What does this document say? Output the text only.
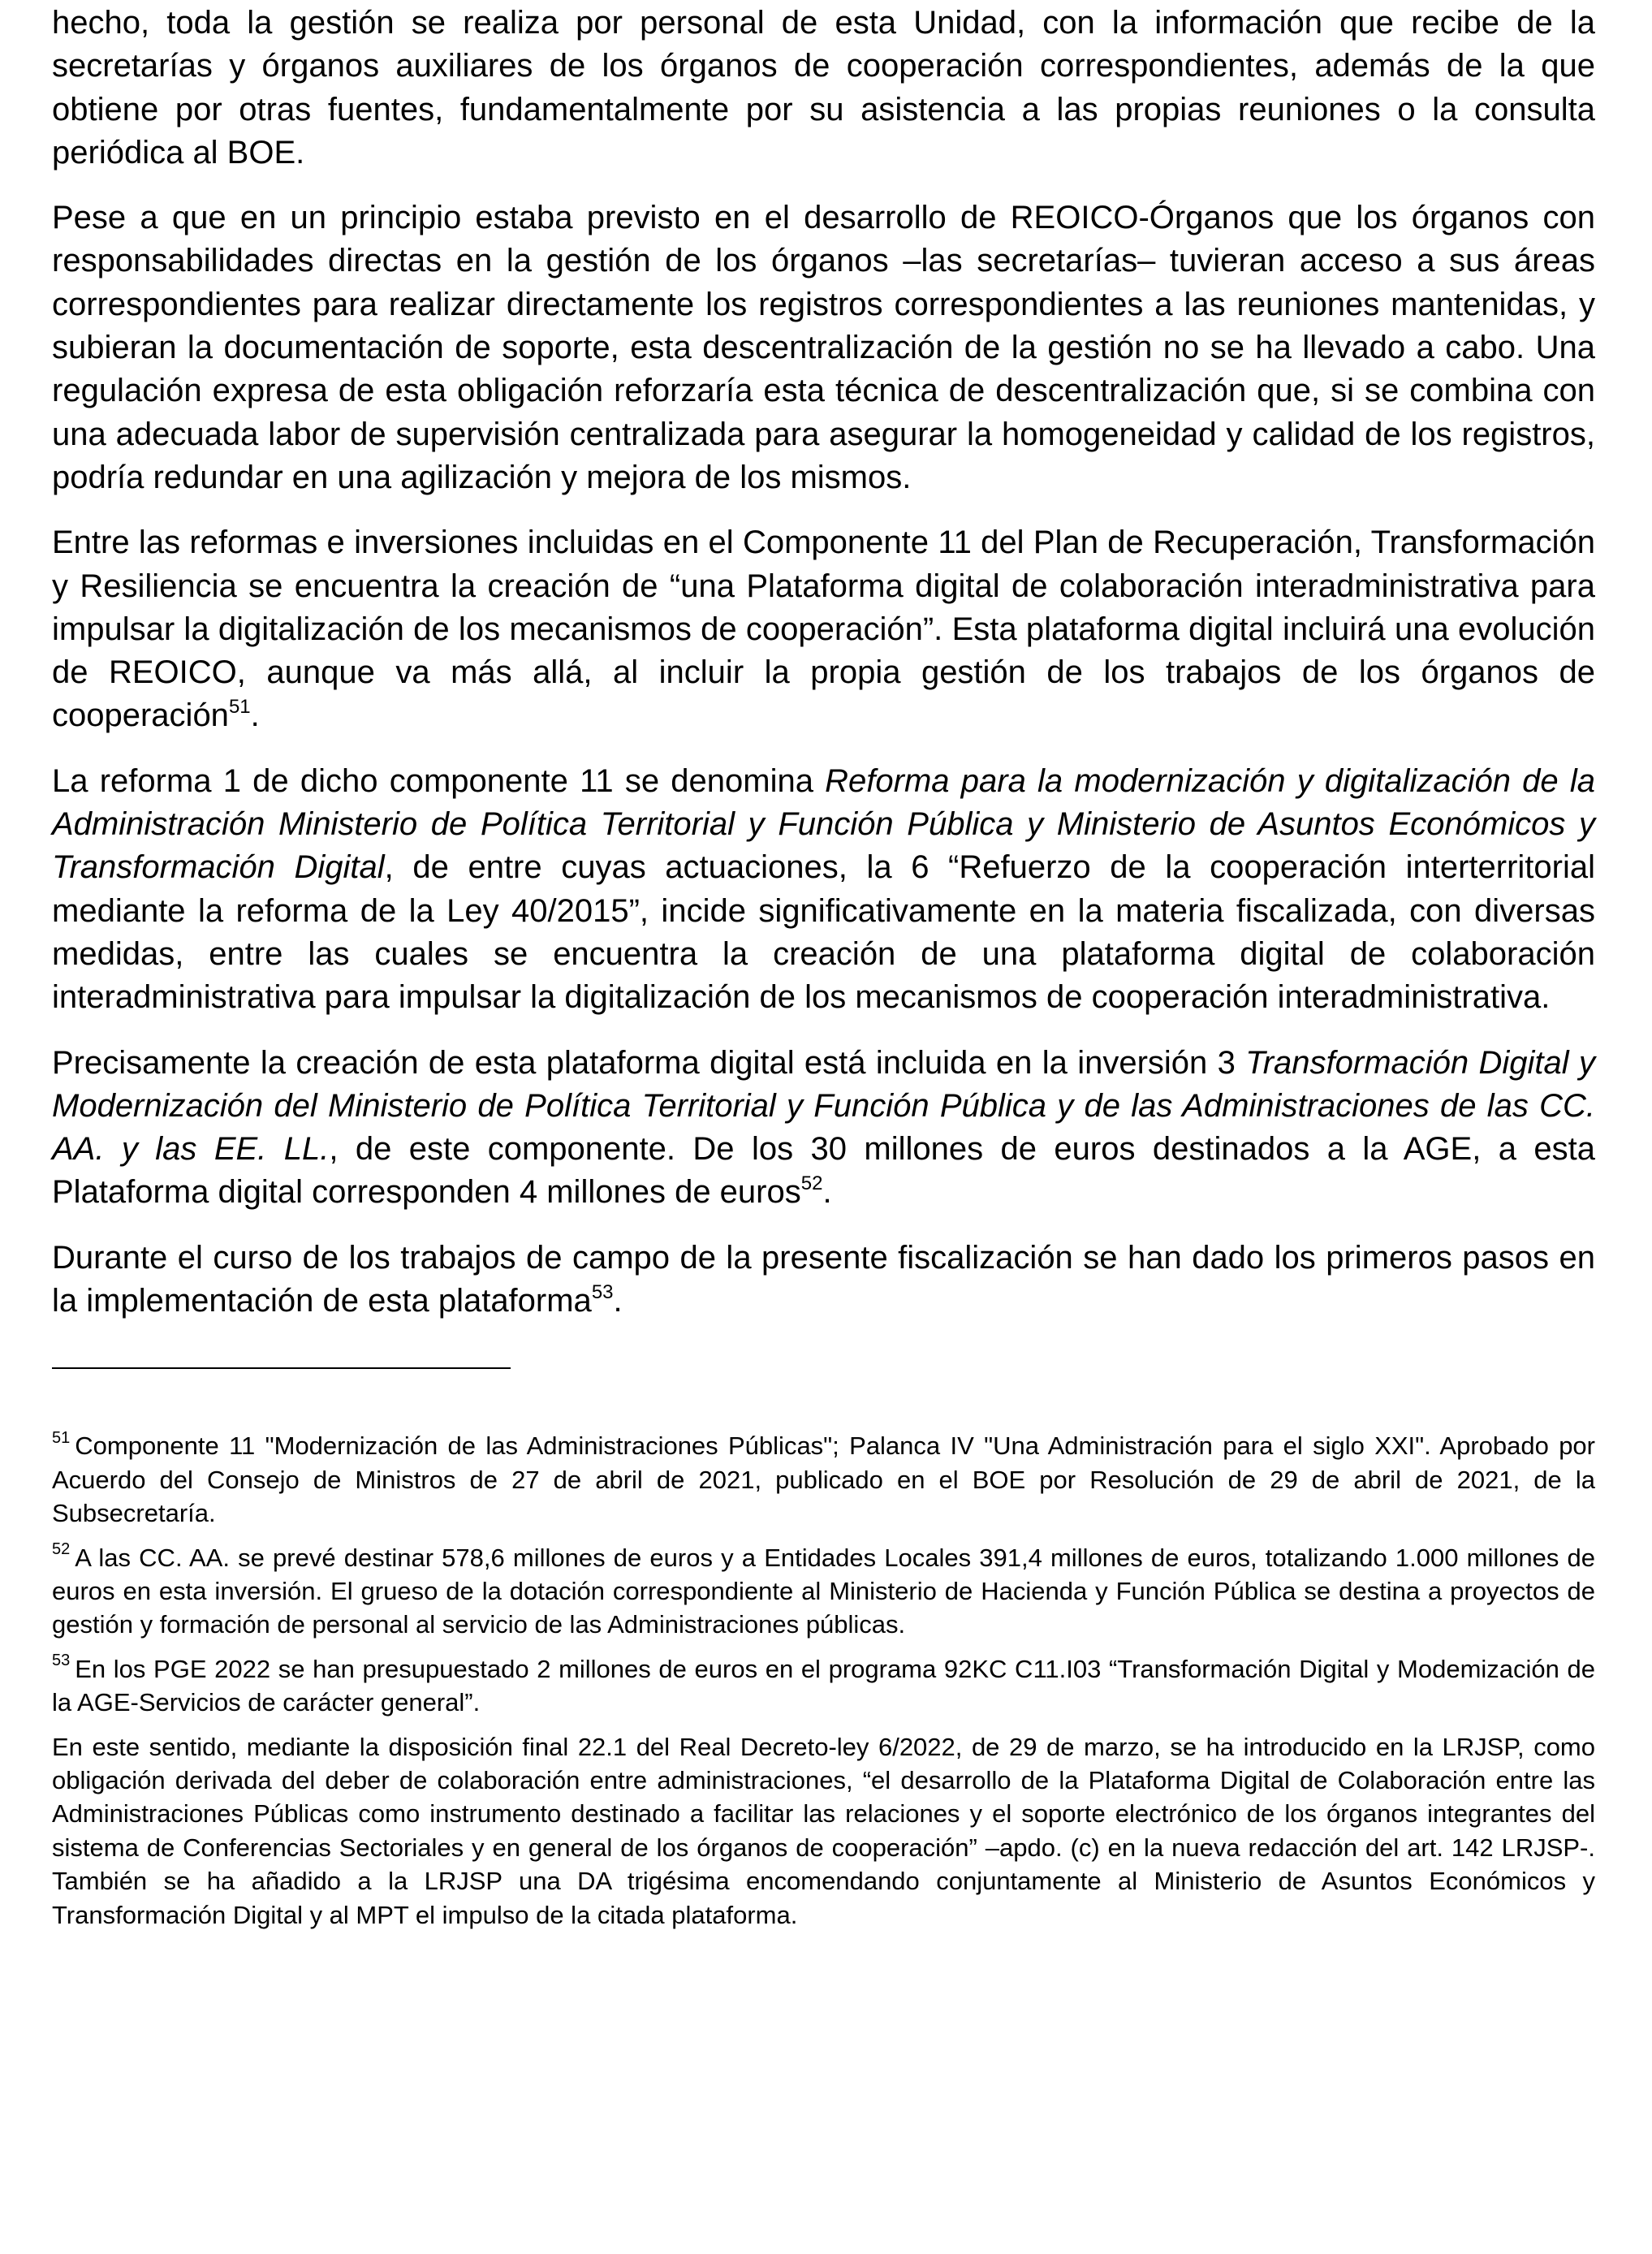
hecho, toda la gestión se realiza por personal de esta Unidad, con la información que recibe de la secretarías y órganos auxiliares de los órganos de cooperación correspondientes, además de la que obtiene por otras fuentes, fundamentalmente por su asistencia a las propias reuniones o la consulta periódica al BOE.

Pese a que en un principio estaba previsto en el desarrollo de REOICO-Órganos que los órganos con responsabilidades directas en la gestión de los órganos –las secretarías– tuvieran acceso a sus áreas correspondientes para realizar directamente los registros correspondientes a las reuniones mantenidas, y subieran la documentación de soporte, esta descentralización de la gestión no se ha llevado a cabo. Una regulación expresa de esta obligación reforzaría esta técnica de descentralización que, si se combina con una adecuada labor de supervisión centralizada para asegurar la homogeneidad y calidad de los registros, podría redundar en una agilización y mejora de los mismos.

Entre las reformas e inversiones incluidas en el Componente 11 del Plan de Recuperación, Transformación y Resiliencia se encuentra la creación de “una Plataforma digital de colaboración interadministrativa para impulsar la digitalización de los mecanismos de cooperación”. Esta plataforma digital incluirá una evolución de REOICO, aunque va más allá, al incluir la propia gestión de los trabajos de los órganos de cooperación$^{51}$.

La reforma 1 de dicho componente 11 se denomina Reforma para la modernización y digitalización de la Administración Ministerio de Política Territorial y Función Pública y Ministerio de Asuntos Económicos y Transformación Digital, de entre cuyas actuaciones, la 6 “Refuerzo de la cooperación interterritorial mediante la reforma de la Ley 40/2015”, incide significativamente en la materia fiscalizada, con diversas medidas, entre las cuales se encuentra la creación de una plataforma digital de colaboración interadministrativa para impulsar la digitalización de los mecanismos de cooperación interadministrativa.

Precisamente la creación de esta plataforma digital está incluida en la inversión 3 Transformación Digital y Modernización del Ministerio de Política Territorial y Función Pública y de las Administraciones de las CC. AA. y las EE. LL., de este componente. De los 30 millones de euros destinados a la AGE, a esta Plataforma digital corresponden 4 millones de euros$^{52}$.

Durante el curso de los trabajos de campo de la presente fiscalización se han dado los primeros pasos en la implementación de esta plataforma$^{53}$.

$^{51}$ Componente 11 "Modernización de las Administraciones Públicas"; Palanca IV "Una Administración para el siglo XXI". Aprobado por Acuerdo del Consejo de Ministros de 27 de abril de 2021, publicado en el BOE por Resolución de 29 de abril de 2021, de la Subsecretaría.

$^{52}$ A las CC. AA. se prevé destinar 578,6 millones de euros y a Entidades Locales 391,4 millones de euros, totalizando 1.000 millones de euros en esta inversión. El grueso de la dotación correspondiente al Ministerio de Hacienda y Función Pública se destina a proyectos de gestión y formación de personal al servicio de las Administraciones públicas.

$^{53}$ En los PGE 2022 se han presupuestado 2 millones de euros en el programa 92KC C11.I03 “Transformación Digital y Modemización de la AGE-Servicios de carácter general”.

En este sentido, mediante la disposición final 22.1 del Real Decreto-ley 6/2022, de 29 de marzo, se ha introducido en la LRJSP, como obligación derivada del deber de colaboración entre administraciones, “el desarrollo de la Plataforma Digital de Colaboración entre las Administraciones Públicas como instrumento destinado a facilitar las relaciones y el soporte electrónico de los órganos integrantes del sistema de Conferencias Sectoriales y en general de los órganos de cooperación” –apdo. (c) en la nueva redacción del art. 142 LRJSP-. También se ha añadido a la LRJSP una DA trigésima encomendando conjuntamente al Ministerio de Asuntos Económicos y Transformación Digital y al MPT el impulso de la citada plataforma.
